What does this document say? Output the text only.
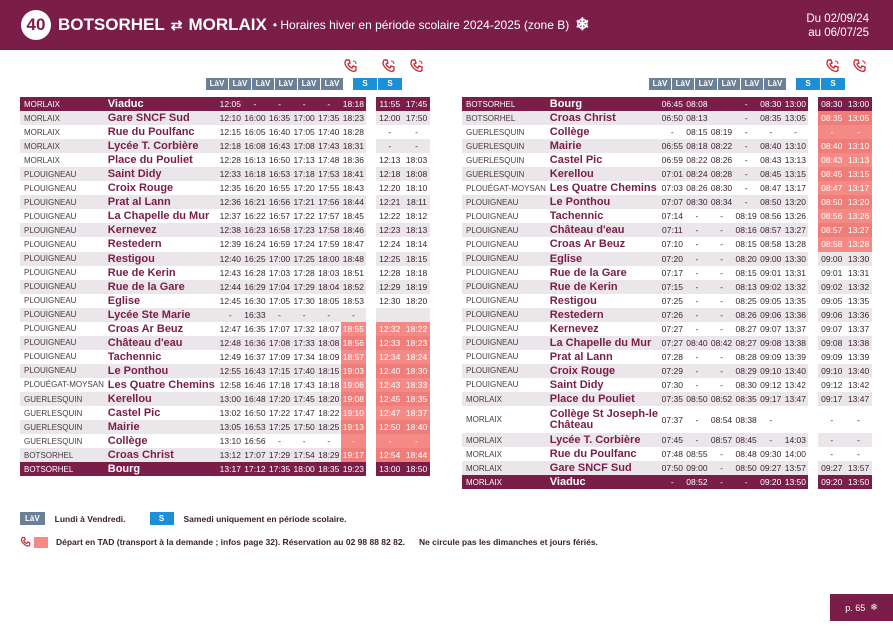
40 BOTSORHEL ⇄ MORLAIX • Horaires hiver en période scolaire 2024-2025 (zone B) ❄	Du 02/09/24
au 06/07/25
LàV	LàV	LàV	LàV	LàV	LàV	S	S	LàV	LàV	LàV	LàV	LàV	LàV	S	S
MORLAIX	Viaduc	12:05	-	-	-	-	18:18		11:55	17:45
MORLAIX	Gare SNCF Sud	12:10	16:00	16:35	17:00	17:35	18:23		12:00	17:50
MORLAIX	Rue du Poulfanc	12:15	16:05	16:40	17:05	17:40	18:28		-	-
MORLAIX	Lycée T. Corbière	12:18	16:08	16:43	17:08	17:43	18:31		-	-
MORLAIX	Place du Pouliet	12:28	16:13	16:50	17:13	17:48	18:36		12:13	18:03
PLOUIGNEAU	Saint Didy	12:33	16:18	16:53	17:18	17:53	18:41		12:18	18:08
PLOUIGNEAU	Croix Rouge	12:35	16:20	16:55	17:20	17:55	18:43		12:20	18:10
PLOUIGNEAU	Prat al Lann	12:36	16:21	16:56	17:21	17:56	18:44		12:21	18:11
PLOUIGNEAU	La Chapelle du Mur	12:37	16:22	16:57	17:22	17:57	18:45		12:22	18:12
PLOUIGNEAU	Kernevez	12:38	16:23	16:58	17:23	17:58	18:46		12:23	18:13
PLOUIGNEAU	Restedern	12:39	16:24	16:59	17:24	17:59	18:47		12:24	18:14
PLOUIGNEAU	Restigou	12:40	16:25	17:00	17:25	18:00	18:48		12:25	18:15
PLOUIGNEAU	Rue de Kerin	12:43	16:28	17:03	17:28	18:03	18:51		12:28	18:18
PLOUIGNEAU	Rue de la Gare	12:44	16:29	17:04	17:29	18:04	18:52		12:29	18:19
PLOUIGNEAU	Eglise	12:45	16:30	17:05	17:30	18:05	18:53		12:30	18:20
PLOUIGNEAU	Lycée Ste Marie	-	16:33	-	-	-	-			
PLOUIGNEAU	Croas Ar Beuz	12:47	16:35	17:07	17:32	18:07	18:55		12:32	18:22
PLOUIGNEAU	Château d'eau	12:48	16:36	17:08	17:33	18:08	18:56		12:33	18:23
PLOUIGNEAU	Tachennic	12:49	16:37	17:09	17:34	18:09	18:57		12:34	18:24
PLOUIGNEAU	Le Ponthou	12:55	16:43	17:15	17:40	18:15	19:03		12:40	18:30
PLOUÉGAT-MOYSAN	Les Quatre Chemins	12:58	16:46	17:18	17:43	18:18	19:06		12:43	18:33
GUERLESQUIN	Kerellou	13:00	16:48	17:20	17:45	18:20	19:08		12:45	18:35
GUERLESQUIN	Castel Pic	13:02	16:50	17:22	17:47	18:22	19:10		12:47	18:37
GUERLESQUIN	Mairie	13:05	16:53	17:25	17:50	18:25	19:13		12:50	18:40
GUERLESQUIN	Collège	13:10	16:56	-	-	-	-		-	-
BOTSORHEL	Croas Christ	13:12	17:07	17:29	17:54	18:29	19:17		12:54	18:44
BOTSORHEL	Bourg	13:17	17:12	17:35	18:00	18:35	19:23		13:00	18:50
BOTSORHEL	Bourg	06:45	08:08		-	08:30	13:00		08:30	13:00
BOTSORHEL	Croas Christ	06:50	08:13		-	08:35	13:05		08:35	13:05
GUERLESQUIN	Collège	-	08:15	08:19	-	-	-		-	-
GUERLESQUIN	Mairie	06:55	08:18	08:22	-	08:40	13:10		08:40	13:10
GUERLESQUIN	Castel Pic	06:59	08:22	08:26	-	08:43	13:13		08:43	13:13
GUERLESQUIN	Kerellou	07:01	08:24	08:28	-	08:45	13:15		08:45	13:15
PLOUÉGAT-MOYSAN	Les Quatre Chemins	07:03	08:26	08:30	-	08:47	13:17		08:47	13:17
PLOUIGNEAU	Le Ponthou	07:07	08:30	08:34	-	08:50	13:20		08:50	13:20
PLOUIGNEAU	Tachennic	07:14	-	-	08:19	08:56	13:26		08:56	13:26
PLOUIGNEAU	Château d'eau	07:11	-	-	08:16	08:57	13:27		08:57	13:27
PLOUIGNEAU	Croas Ar Beuz	07:10	-	-	08:15	08:58	13:28		08:58	13:28
PLOUIGNEAU	Eglise	07:20	-	-	08:20	09:00	13:30		09:00	13:30
PLOUIGNEAU	Rue de la Gare	07:17	-	-	08:15	09:01	13:31		09:01	13:31
PLOUIGNEAU	Rue de Kerin	07:15	-	-	08:13	09:02	13:32		09:02	13:32
PLOUIGNEAU	Restigou	07:25	-	-	08:25	09:05	13:35		09:05	13:35
PLOUIGNEAU	Restedern	07:26	-	-	08:26	09:06	13:36		09:06	13:36
PLOUIGNEAU	Kernevez	07:27	-	-	08:27	09:07	13:37		09:07	13:37
PLOUIGNEAU	La Chapelle du Mur	07:27	08:40	08:42	08:27	09:08	13:38		09:08	13:38
PLOUIGNEAU	Prat al Lann	07:28	-	-	08:28	09:09	13:39		09:09	13:39
PLOUIGNEAU	Croix Rouge	07:29	-	-	08:29	09:10	13:40		09:10	13:40
PLOUIGNEAU	Saint Didy	07:30	-	-	08:30	09:12	13:42		09:12	13:42
MORLAIX	Place du Pouliet	07:35	08:50	08:52	08:35	09:17	13:47		09:17	13:47
MORLAIX	Collège St Joseph-le Château	07:37	-	08:54	08:38	-			-	-
MORLAIX	Lycée T. Corbière	07:45	-	08:57	08:45	-	14:03		-	-
MORLAIX	Rue du Poulfanc	07:48	08:55	-	08:48	09:30	14:00		-	-
MORLAIX	Gare SNCF Sud	07:50	09:00	-	08:50	09:27	13:57		09:27	13:57
MORLAIX	Viaduc	-	08:52	-	-	09:20	13:50		09:20	13:50
LàV	Lundi à Vendredi.	S	Samedi uniquement en période scolaire.
Départ en TAD (transport à la demande ; infos page 32). Réservation au 02 98 88 82 82. Ne circule pas les dimanches et jours fériés.
p. 65 ❄
